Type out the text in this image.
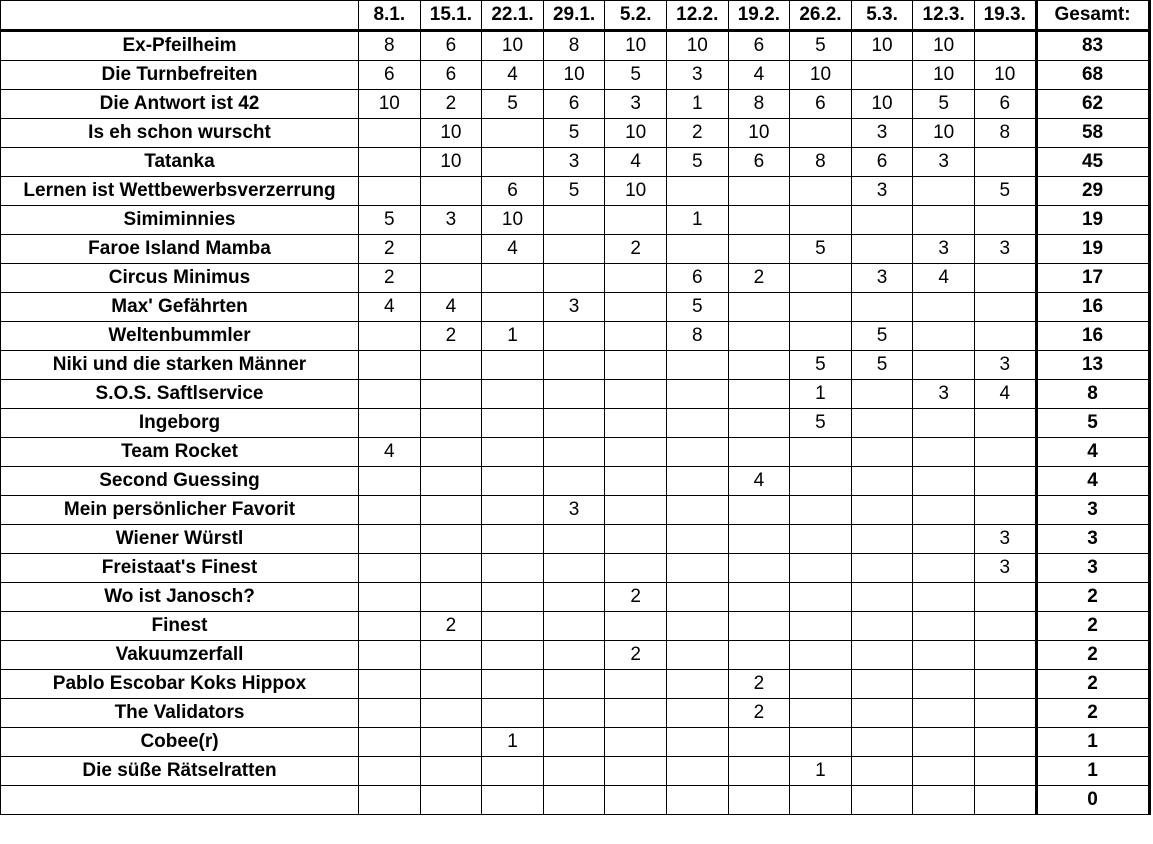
	8.1.	15.1.	22.1.	29.1.	5.2.	12.2.	19.2.	26.2.	5.3.	12.3.	19.3.	Gesamt:
Ex-Pfeilheim	8	6	10	8	10	10	6	5	10	10		83
Die Turnbefreiten	6	6	4	10	5	3	4	10		10	10	68
Die Antwort ist 42	10	2	5	6	3	1	8	6	10	5	6	62
Is eh schon wurscht		10		5	10	2	10		3	10	8	58
Tatanka		10		3	4	5	6	8	6	3		45
Lernen ist Wettbewerbsverzerrung			6	5	10				3		5	29
Simiminnies	5	3	10			1						19
Faroe Island Mamba	2		4		2			5		3	3	19
Circus Minimus	2					6	2		3	4		17
Max' Gefährten	4	4		3		5						16
Weltenbummler		2	1			8			5			16
Niki und die starken Männer								5	5		3	13
S.O.S. Saftlservice								1		3	4	8
Ingeborg								5				5
Team Rocket	4											4
Second Guessing							4					4
Mein persönlicher Favorit				3								3
Wiener Würstl											3	3
Freistaat's Finest											3	3
Wo ist Janosch?					2							2
Finest		2										2
Vakuumzerfall					2							2
Pablo Escobar Koks Hippox							2					2
The Validators							2					2
Cobee(r)			1									1
Die süße Rätselratten								1				1
												0
